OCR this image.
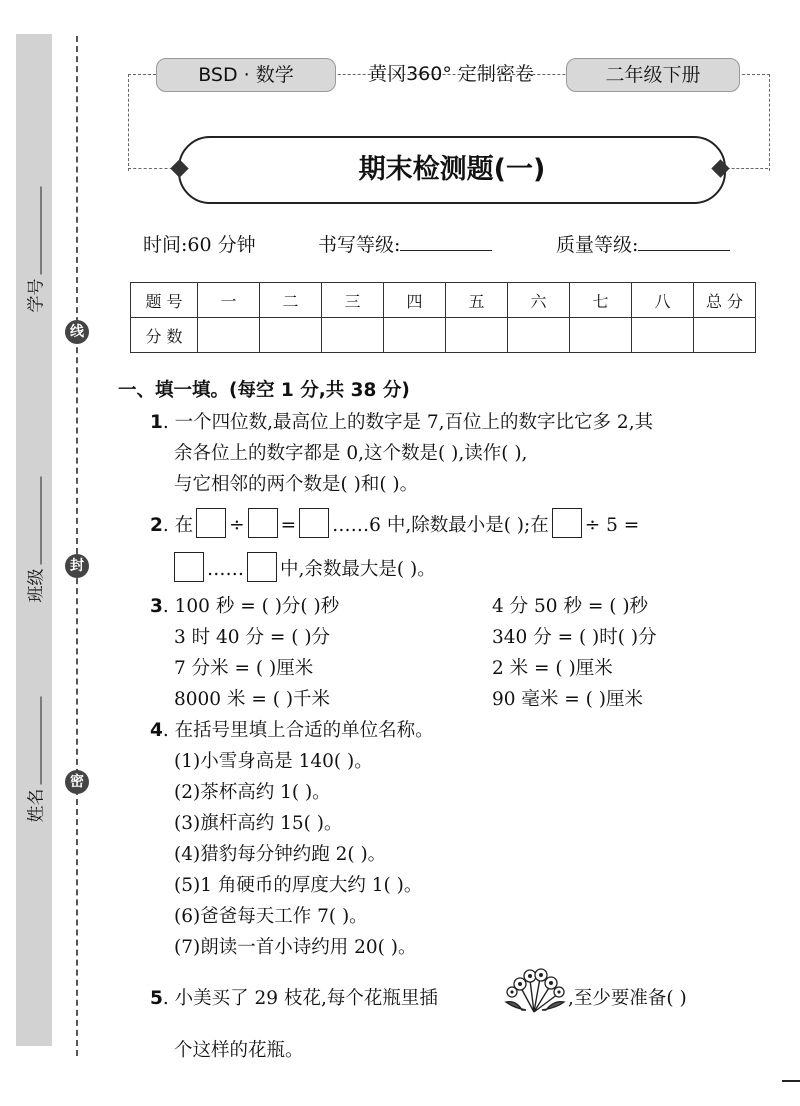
学号
班级
姓名
线
封
密
BSD · 数学	黄冈360° 定制密卷	二年级下册
期末检测题(一)
时间:60 分钟	书写等级:	质量等级:
题 号	一	二	三	四	五	六	七	八	总 分
分 数									
一、填一填。(每空 1 分,共 38 分)
1. 一个四位数,最高位上的数字是 7,百位上的数字比它多 2,其
余各位上的数字都是 0,这个数是( ),读作( ),
与它相邻的两个数是( )和( )。
2. 在 ÷ = ……6 中,除数最小是( );在 ÷ 5 =
…… 中,余数最大是( )。
3. 100 秒 = ( )分( )秒	4 分 50 秒 = ( )秒
3 时 40 分 = ( )分	340 分 = ( )时( )分
7 分米 = ( )厘米	2 米 = ( )厘米
8000 米 = ( )千米	90 毫米 = ( )厘米
4. 在括号里填上合适的单位名称。
(1)小雪身高是 140( )。
(2)茶杯高约 1( )。
(3)旗杆高约 15( )。
(4)猎豹每分钟约跑 2( )。
(5)1 角硬币的厚度大约 1( )。
(6)爸爸每天工作 7( )。
(7)朗读一首小诗约用 20( )。
5. 小美买了 29 枝花,每个花瓶里插	,至少要准备( )
个这样的花瓶。
